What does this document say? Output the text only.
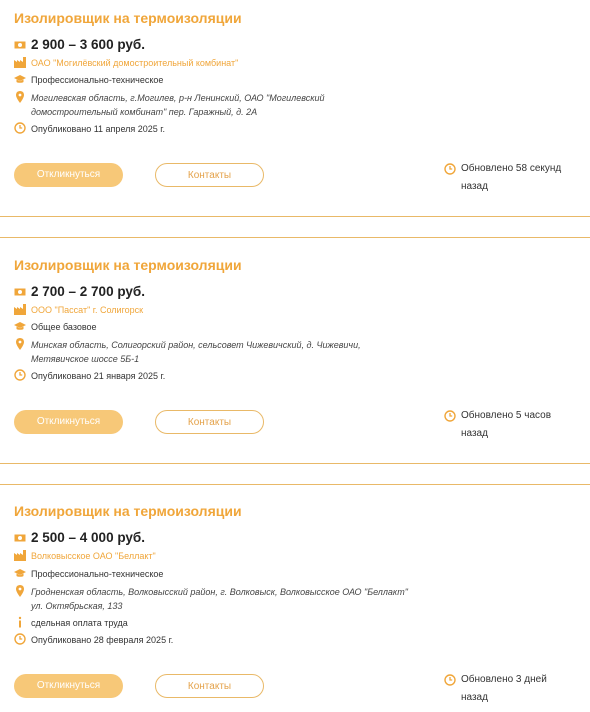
Изолировщик на термоизоляции
2 900 – 3 600 руб.
ОАО "Могилёвский домостроительный комбинат"
Профессионально-техническое
Могилевская область, г.Могилев, р-н Ленинский, ОАО "Могилевский
домостроительный комбинат" пер. Гаражный, д. 2А
Опубликовано 11 апреля 2025 г.
Откликнуться	Контакты
Обновлено 58 секунд
назад
Изолировщик на термоизоляции
2 700 – 2 700 руб.
ООО "Пассат" г. Солигорск
Общее базовое
Минская область, Солигорский район, сельсовет Чижевичский, д. Чижевичи,
Метявичское шоссе 5Б-1
Опубликовано 21 января 2025 г.
Откликнуться	Контакты
Обновлено 5 часов
назад
Изолировщик на термоизоляции
2 500 – 4 000 руб.
Волковысское ОАО "Беллакт"
Профессионально-техническое
Гродненская область, Волковысский район, г. Волковыск, Волковысское ОАО "Беллакт"
ул. Октябрьская, 133
сдельная оплата труда
Опубликовано 28 февраля 2025 г.
Откликнуться	Контакты
Обновлено 3 дней
назад
